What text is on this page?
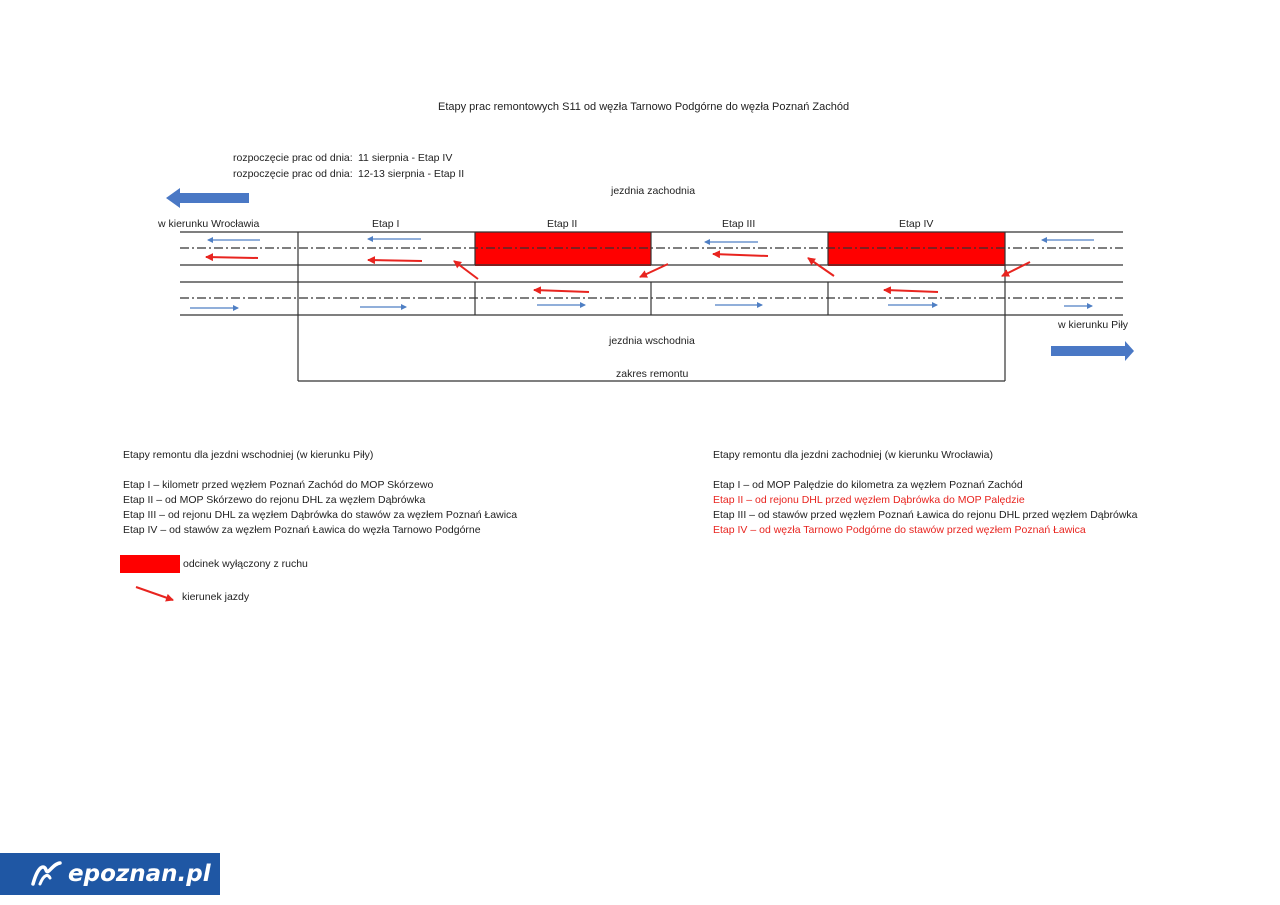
Etapy prac remontowych S11 od węzła Tarnowo Podgórne do węzła Poznań Zachód
rozpoczęcie prac od dnia: 11 sierpnia - Etap IV
rozpoczęcie prac od dnia: 12-13 sierpnia - Etap II
jezdnia zachodnia
w kierunku Wrocławia	Etap I	Etap II	Etap III	Etap IV
w kierunku Piły
jezdnia wschodnia
zakres remontu
Etapy remontu dla jezdni wschodniej (w kierunku Piły)
Etap I – kilometr przed węzłem Poznań Zachód do MOP Skórzewo
Etap II – od MOP Skórzewo do rejonu DHL za węzłem Dąbrówka
Etap III – od rejonu DHL za węzłem Dąbrówka do stawów za węzłem Poznań Ławica
Etap IV – od stawów za węzłem Poznań Ławica do węzła Tarnowo Podgórne
Etapy remontu dla jezdni zachodniej (w kierunku Wrocławia)
Etap I – od MOP Palędzie do kilometra za węzłem Poznań Zachód
Etap II – od rejonu DHL przed węzłem Dąbrówka do MOP Palędzie
Etap III – od stawów przed węzłem Poznań Ławica do rejonu DHL przed węzłem Dąbrówka
Etap IV – od węzła Tarnowo Podgórne do stawów przed węzłem Poznań Ławica
odcinek wyłączony z ruchu
kierunek jazdy
epoznan.pl
